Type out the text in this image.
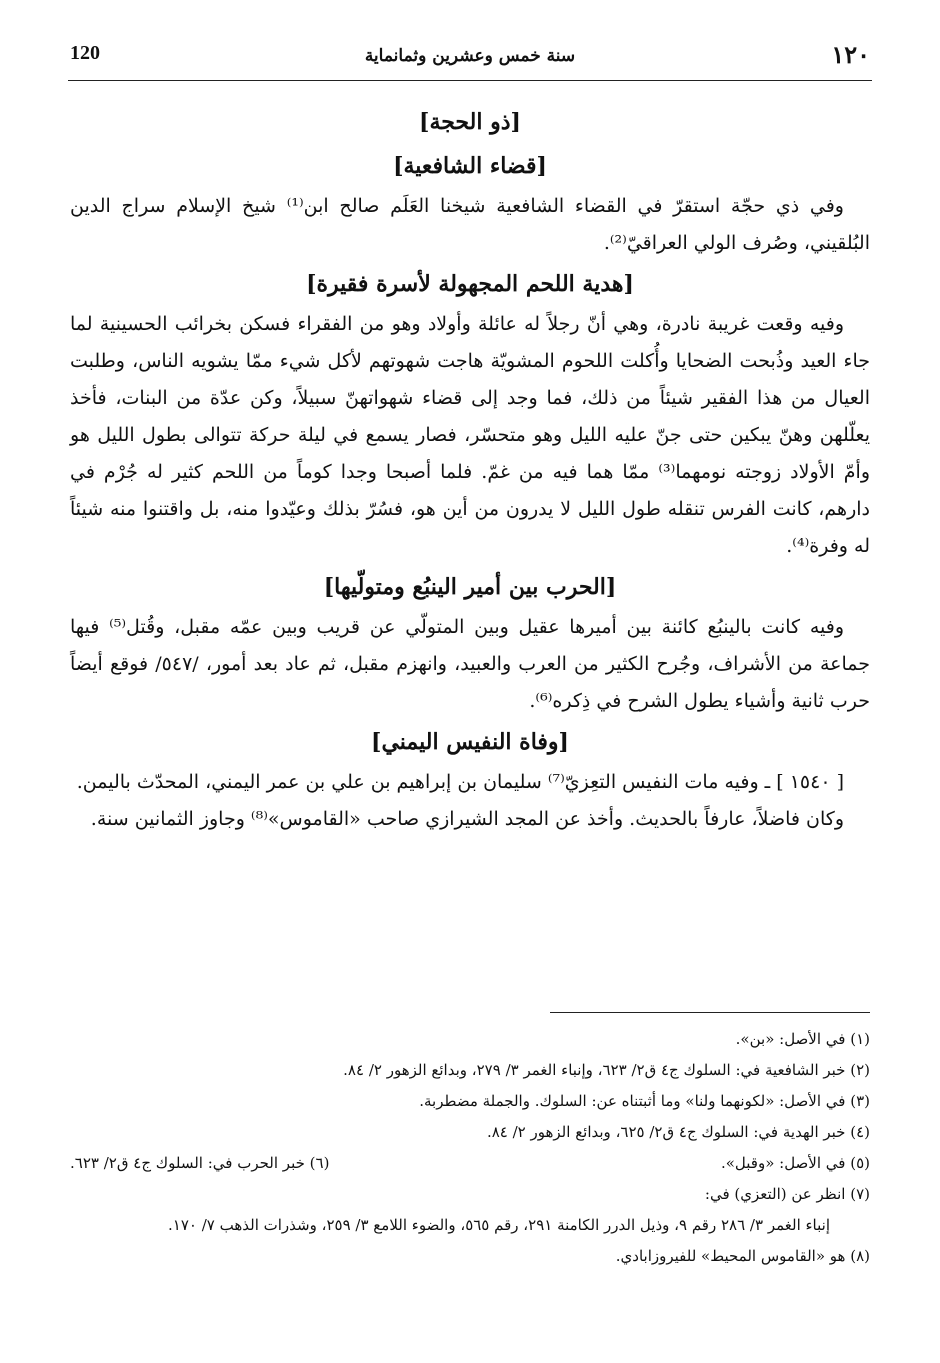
١٢٠
سنة خمس وعشرين وثمانماية
120
[ذو الحجة]
[قضاء الشافعية]

وفي ذي حجّة استقرّ في القضاء الشافعية شيخنا العَلَم صالح ابن⁽¹⁾ شيخ الإسلام سراج الدين البُلقيني، وصُرف الولي العراقيّ⁽²⁾.

[هدية اللحم المجهولة لأسرة فقيرة]

وفيه وقعت غريبة نادرة، وهي أنّ رجلاً له عائلة وأولاد وهو من الفقراء فسكن بخرائب الحسينية لما جاء العيد وذُبحت الضحايا وأُكلت اللحوم المشويّة هاجت شهوتهم لأكل شيء ممّا يشويه الناس، وطلبت العيال من هذا الفقير شيئاً من ذلك، فما وجد إلى قضاء شهواتهنّ سبيلاً، وكن عدّة من البنات، فأخذ يعلّلهن وهنّ يبكين حتى جنّ عليه الليل وهو متحسّر، فصار يسمع في ليلة حركة تتوالى بطول الليل هو وأمّ الأولاد زوجته نومهما⁽³⁾ ممّا هما فيه من غمّ. فلما أصبحا وجدا كوماً من اللحم كثير له جُرْم في دارهم، كانت الفرس تنقله طول الليل لا يدرون من أين هو، فسُرّ بذلك وعيّدوا منه، بل واقتنوا منه شيئاً له وفرة⁽⁴⁾.

[الحرب بين أمير الينبُع ومتولّيها]

وفيه كانت بالينبُع كائنة بين أميرها عقيل وبين المتولّي عن قريب وبين عمّه مقبل، وقُتل⁽⁵⁾ فيها جماعة من الأشراف، وجُرح الكثير من العرب والعبيد، وانهزم مقبل، ثم عاد بعد أمور، /٥٤٧/ فوقع أيضاً حرب ثانية وأشياء يطول الشرح في ذِكره⁽⁶⁾.

[وفاة النفيس اليمني]

[ ١٥٤٠ ] ـ وفيه مات النفيس التعِزيّ⁽⁷⁾ سليمان بن إبراهيم بن علي بن عمر اليمني، المحدّث باليمن.

وكان فاضلاً، عارفاً بالحديث. وأخذ عن المجد الشيرازي صاحب «القاموس»⁽⁸⁾ وجاوز الثمانين سنة.

(١) في الأصل: «بن».

(٢) خبر الشافعية في: السلوك ج٤ ق٢/ ٦٢٣، وإنباء الغمر ٣/ ٢٧٩، وبدائع الزهور ٢/ ٨٤.

(٣) في الأصل: «لكونهما ولنا» وما أثبتناه عن: السلوك. والجملة مضطربة.

(٤) خبر الهدية في: السلوك ج٤ ق٢/ ٦٢٥، وبدائع الزهور ٢/ ٨٤.

(٥) في الأصل: «وقبل».
(٦) خبر الحرب في: السلوك ج٤ ق٢/ ٦٢٣.

(٧) انظر عن (التعزي) في:

إنباء الغمر ٣/ ٢٨٦ رقم ٩، وذيل الدرر الكامنة ٢٩١، رقم ٥٦٥، والضوء اللامع ٣/ ٢٥٩، وشذرات الذهب ٧/ ١٧٠.

(٨) هو «القاموس المحيط» للفيروزابادي.
